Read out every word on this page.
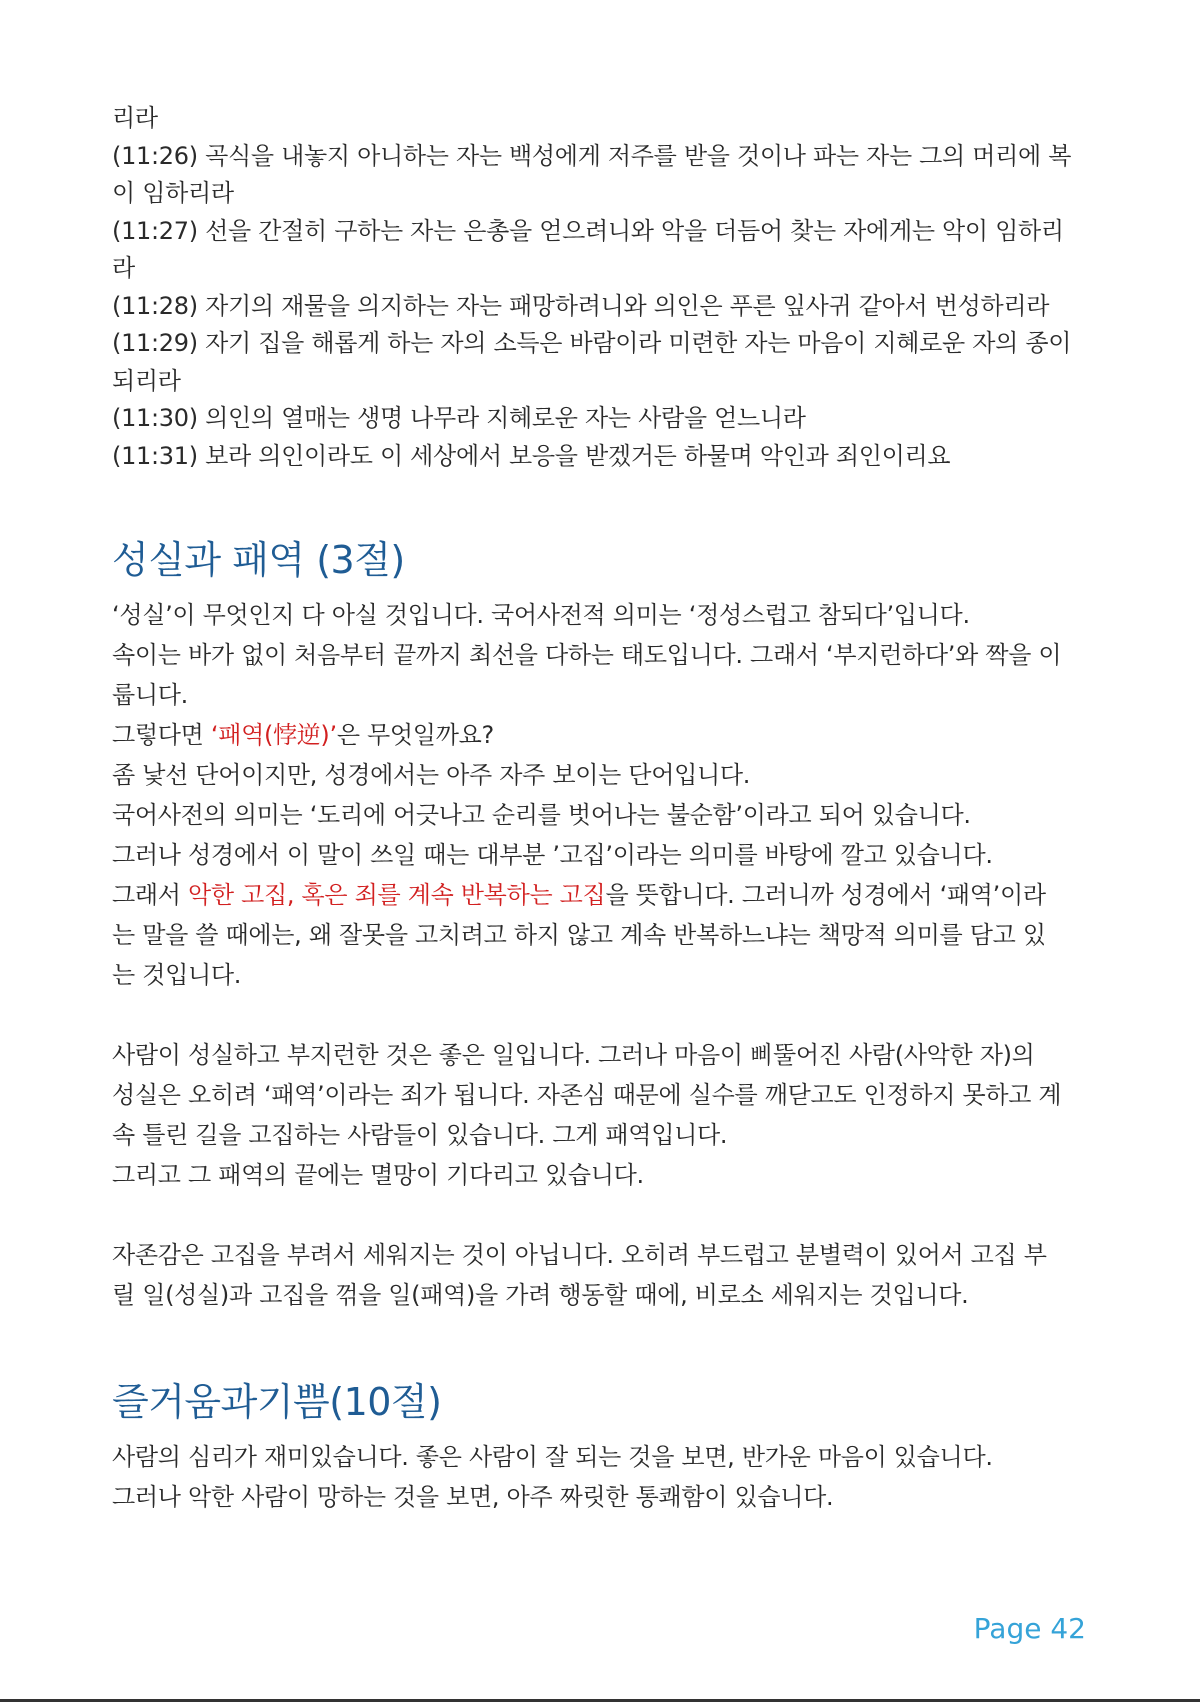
리라

(11:26) 곡식을 내놓지 아니하는 자는 백성에게 저주를 받을 것이나 파는 자는 그의 머리에 복

이 임하리라

(11:27) 선을 간절히 구하는 자는 은총을 얻으려니와 악을 더듬어 찾는 자에게는 악이 임하리

라

(11:28) 자기의 재물을 의지하는 자는 패망하려니와 의인은 푸른 잎사귀 같아서 번성하리라

(11:29) 자기 집을 해롭게 하는 자의 소득은 바람이라 미련한 자는 마음이 지혜로운 자의 종이

되리라

(11:30) 의인의 열매는 생명 나무라 지혜로운 자는 사람을 얻느니라

(11:31) 보라 의인이라도 이 세상에서 보응을 받겠거든 하물며 악인과 죄인이리요

성실과 패역 (3절)

‘성실’이 무엇인지 다 아실 것입니다. 국어사전적 의미는 ‘정성스럽고 참되다’입니다.

속이는 바가 없이 처음부터 끝까지 최선을 다하는 태도입니다. 그래서 ‘부지런하다’와 짝을 이

룹니다.

그렇다면 ‘패역(悖逆)’은 무엇일까요?

좀 낯선 단어이지만, 성경에서는 아주 자주 보이는 단어입니다.

국어사전의 의미는 ‘도리에 어긋나고 순리를 벗어나는 불순함’이라고 되어 있습니다.

그러나 성경에서 이 말이 쓰일 때는 대부분 ’고집’이라는 의미를 바탕에 깔고 있습니다.

그래서 악한 고집, 혹은 죄를 계속 반복하는 고집을 뜻합니다. 그러니까 성경에서 ‘패역’이라

는 말을 쓸 때에는, 왜 잘못을 고치려고 하지 않고 계속 반복하느냐는 책망적 의미를 담고 있

는 것입니다.

사람이 성실하고 부지런한 것은 좋은 일입니다. 그러나 마음이 삐뚤어진 사람(사악한 자)의

성실은 오히려 ‘패역’이라는 죄가 됩니다. 자존심 때문에 실수를 깨닫고도 인정하지 못하고 계

속 틀린 길을 고집하는 사람들이 있습니다. 그게 패역입니다.

그리고 그 패역의 끝에는 멸망이 기다리고 있습니다.

자존감은 고집을 부려서 세워지는 것이 아닙니다. 오히려 부드럽고 분별력이 있어서 고집 부

릴 일(성실)과 고집을 꺾을 일(패역)을 가려 행동할 때에, 비로소 세워지는 것입니다.

즐거움과기쁨(10절)

사람의 심리가 재미있습니다. 좋은 사람이 잘 되는 것을 보면, 반가운 마음이 있습니다.

그러나 악한 사람이 망하는 것을 보면, 아주 짜릿한 통쾌함이 있습니다.

Page 42
